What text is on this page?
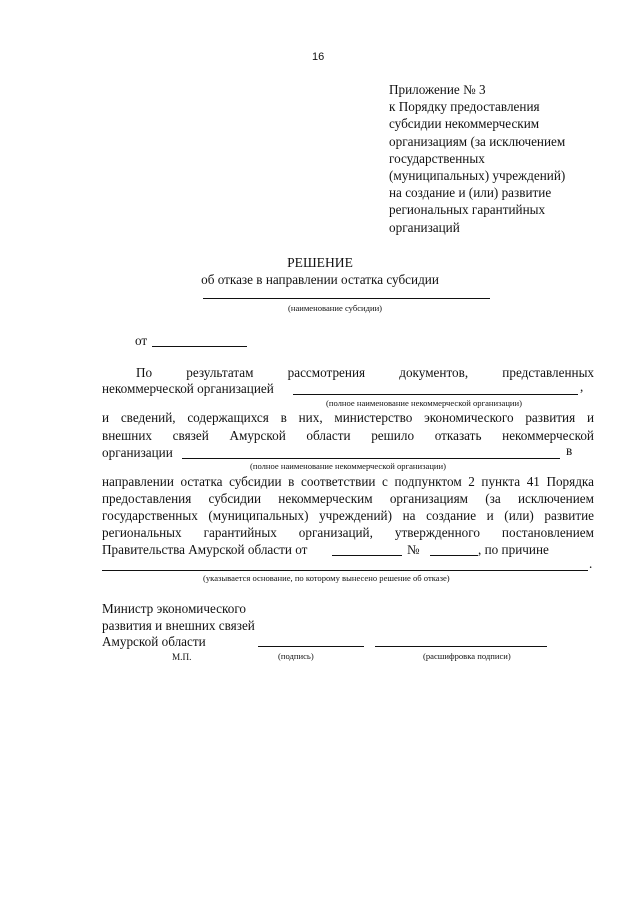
16
Приложение № 3
к Порядку предоставления
субсидии некоммерческим
организациям (за исключением
государственных
(муниципальных) учреждений)
на создание и (или) развитие
региональных гарантийных
организаций
РЕШЕНИЕ
об отказе в направлении остатка субсидии
(наименование субсидии)
от
По	результатам	рассмотрения	документов,	представленных
некоммерческой организацией	,
(полное наименование некоммерческой организации)
и сведений, содержащихся в них, министерство экономического развития и
внешних связей Амурской области решило отказать некоммерческой
организации	в
(полное наименование некоммерческой организации)
направлении остатка субсидии в соответствии с подпунктом 2 пункта 41 Порядка
предоставления субсидии некоммерческим организациям (за исключением
государственных (муниципальных) учреждений) на создание и (или) развитие
региональных гарантийных организаций, утвержденного постановлением
Правительства Амурской области от	№	, по причине
.
(указывается основание, по которому вынесено решение об отказе)
Министр экономического
развития и внешних связей
Амурской области
М.П.	(подпись)	(расшифровка подписи)
